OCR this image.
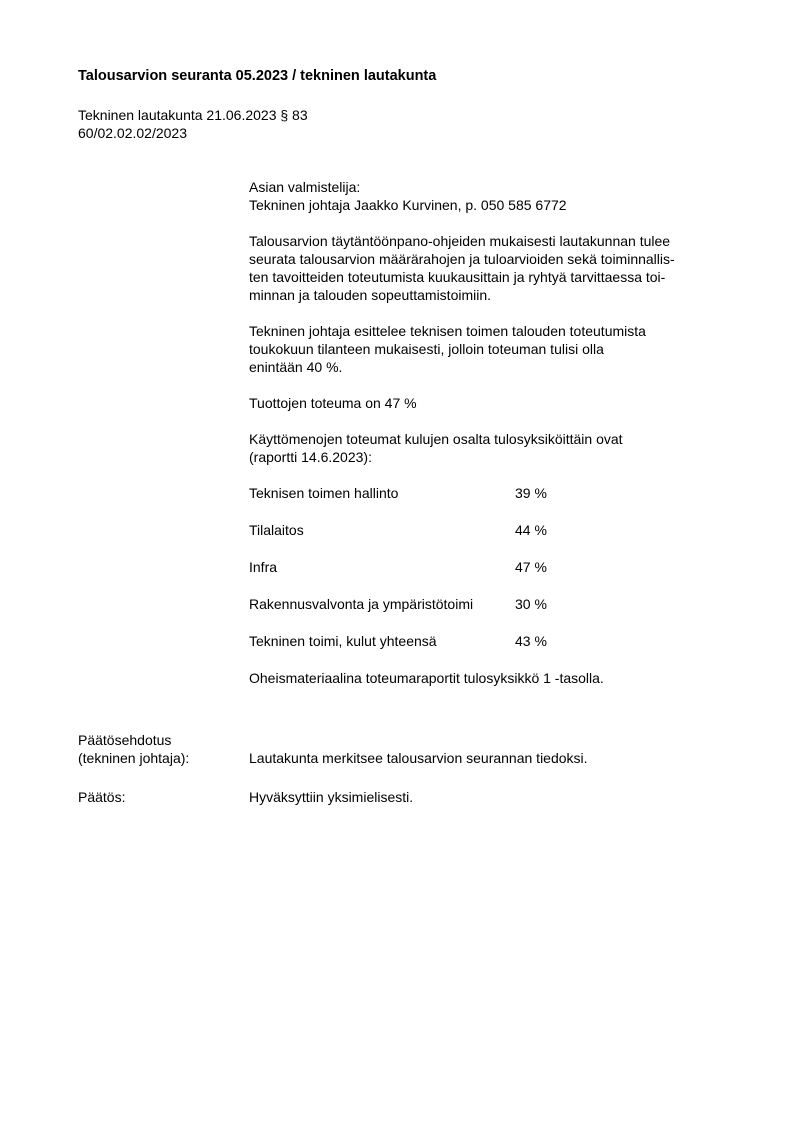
Talousarvion seuranta 05.2023 / tekninen lautakunta
Tekninen lautakunta 21.06.2023 § 83
60/02.02.02/2023

Asian valmistelija:
Tekninen johtaja Jaakko Kurvinen, p. 050 585 6772

Talousarvion täytäntöönpano-ohjeiden mukaisesti lautakunnan tulee
seurata talousarvion määrärahojen ja tuloarvioiden sekä toiminnallis-
ten tavoitteiden toteutumista kuukausittain ja ryhtyä tarvittaessa toi-
minnan ja talouden sopeuttamistoimiin.

Tekninen johtaja esittelee teknisen toimen talouden toteutumista
toukokuun tilanteen mukaisesti, jolloin toteuman tulisi olla
enintään 40 %.

Tuottojen toteuma on 47 %

Käyttömenojen toteumat kulujen osalta tulosyksiköittäin ovat
(raportti 14.6.2023):

Teknisen toimen hallinto	39 %
Tilalaitos	44 %
Infra	47 %
Rakennusvalvonta ja ympäristötoimi	30 %
Tekninen toimi, kulut yhteensä	43 %

Oheismateriaalina toteumaraportit tulosyksikkö 1 -tasolla.

Päätösehdotus
(tekninen johtaja):	Lautakunta merkitsee talousarvion seurannan tiedoksi.
Päätös:	Hyväksyttiin yksimielisesti.
